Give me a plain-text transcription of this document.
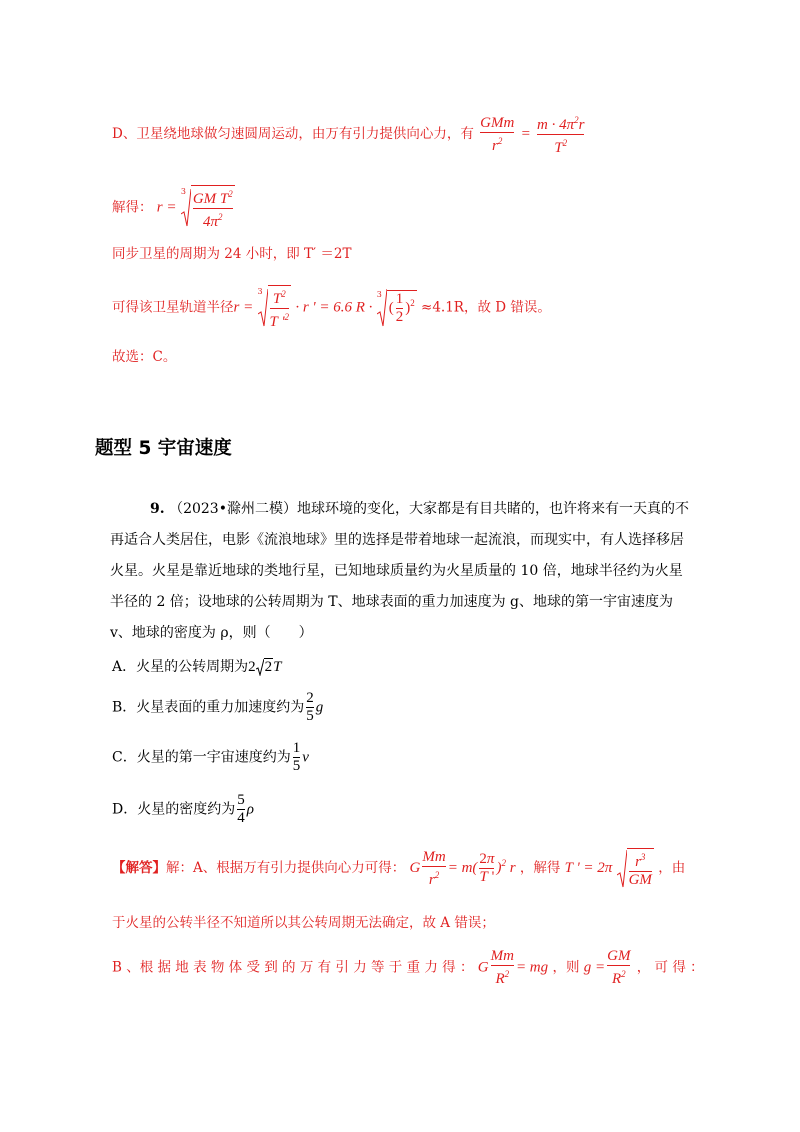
D、卫星绕地球做匀速圆周运动，由万有引力提供向心力，有 $\frac{\text{GMm}}{r^2} = \frac{m \cdot 4\pi^2r}{T^2}$
解得： r =
$3 \frac{GM T^2}{4\pi^2}$
同步卫星的周期为 24 小时，即 T′ ＝2T
可得该卫星轨道半径r =
$3 \frac{T^2}{T '^2} \cdot r$ ' = 6.6 R ·
3
( $\frac{1}{2} )^2 \approx 4.1R$，故 D 错误。
故选：C。
题型 5 宇宙速度
9. （2023•滁州二模）地球环境的变化，大家都是有目共睹的，也许将来有一天真的不
再适合人类居住，电影《流浪地球》里的选择是带着地球一起流浪，而现实中，有人选择移居
火星。火星是靠近地球的类地行星，已知地球质量约为火星质量的 10 倍，地球半径约为火星
半径的 2 倍；设地球的公转周期为 T、地球表面的重力加速度为 g、地球的第一宇宙速度为
v、地球的密度为 ρ，则（　　）
A．火星的公转周期为2 2T
B．火星表面的重力加速度约为 $\frac{2}{5}$ g
C．火星的第一宇宙速度约为 $\frac{1}{5}$ v
D．火星的密度约为 $\frac{5}{4}$ ρ
【解答】解：A、根据万有引力提供向心力可得： G $\frac{Mm}{r^2} = m( \frac{2\pi}{T '} )^2$ r ，解得 T ' = $2\pi \frac{r^3}{GM}$ ，由
于火星的公转半径不知道所以其公转周期无法确定，故 A 错误；
B 、根 据 地 表 物 体 受 到 的 万 有 引 力 等 于 重 力 得 ： G $\frac{Mm}{R^2}$ = mg ，则 $g = \frac{GM}{R^2}$ ， 可 得 ：
